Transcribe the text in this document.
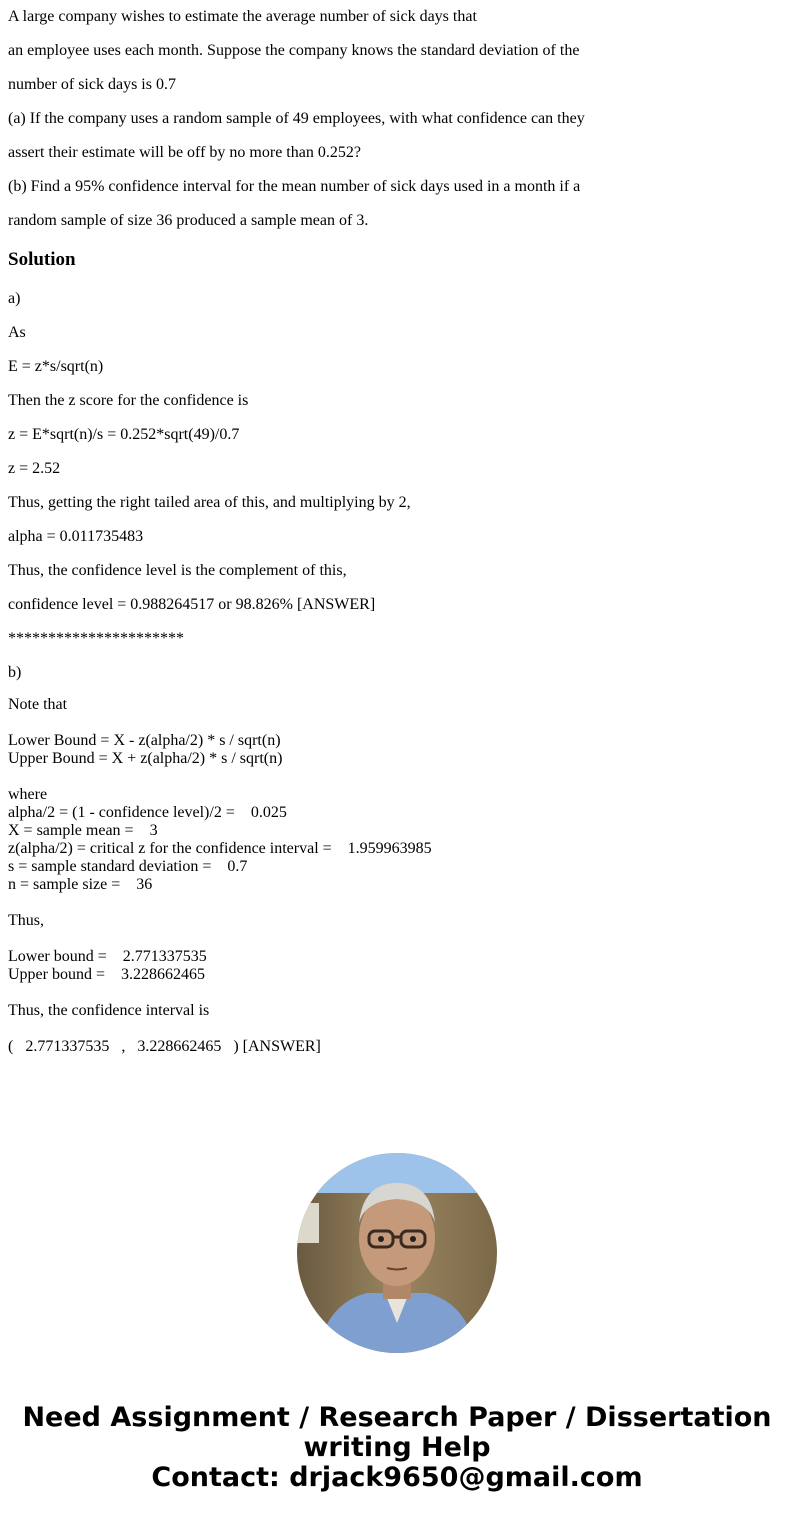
A large company wishes to estimate the average number of sick days that
an employee uses each month. Suppose the company knows the standard deviation of the
number of sick days is 0.7
(a) If the company uses a random sample of 49 employees, with what confidence can they
assert their estimate will be off by no more than 0.252?
(b) Find a 95% confidence interval for the mean number of sick days used in a month if a
random sample of size 36 produced a sample mean of 3.
Solution
a)
As
E = z*s/sqrt(n)
Then the z score for the confidence is
z = E*sqrt(n)/s = 0.252*sqrt(49)/0.7
z = 2.52
Thus, getting the right tailed area of this, and multiplying by 2,
alpha = 0.011735483
Thus, the confidence level is the complement of this,
confidence level = 0.988264517 or 98.826% [ANSWER]
**********************
b)
Note that
Lower Bound = X - z(alpha/2) * s / sqrt(n)
Upper Bound = X + z(alpha/2) * s / sqrt(n)
where
alpha/2 = (1 - confidence level)/2 =    0.025
X = sample mean =    3
z(alpha/2) = critical z for the confidence interval =    1.959963985
s = sample standard deviation =    0.7
n = sample size =    36
Thus,
Lower bound =    2.771337535
Upper bound =    3.228662465
Thus, the confidence interval is
(   2.771337535   ,   3.228662465   ) [ANSWER]
Need Assignment / Research Paper / Dissertation
writing Help
Contact: drjack9650@gmail.com
